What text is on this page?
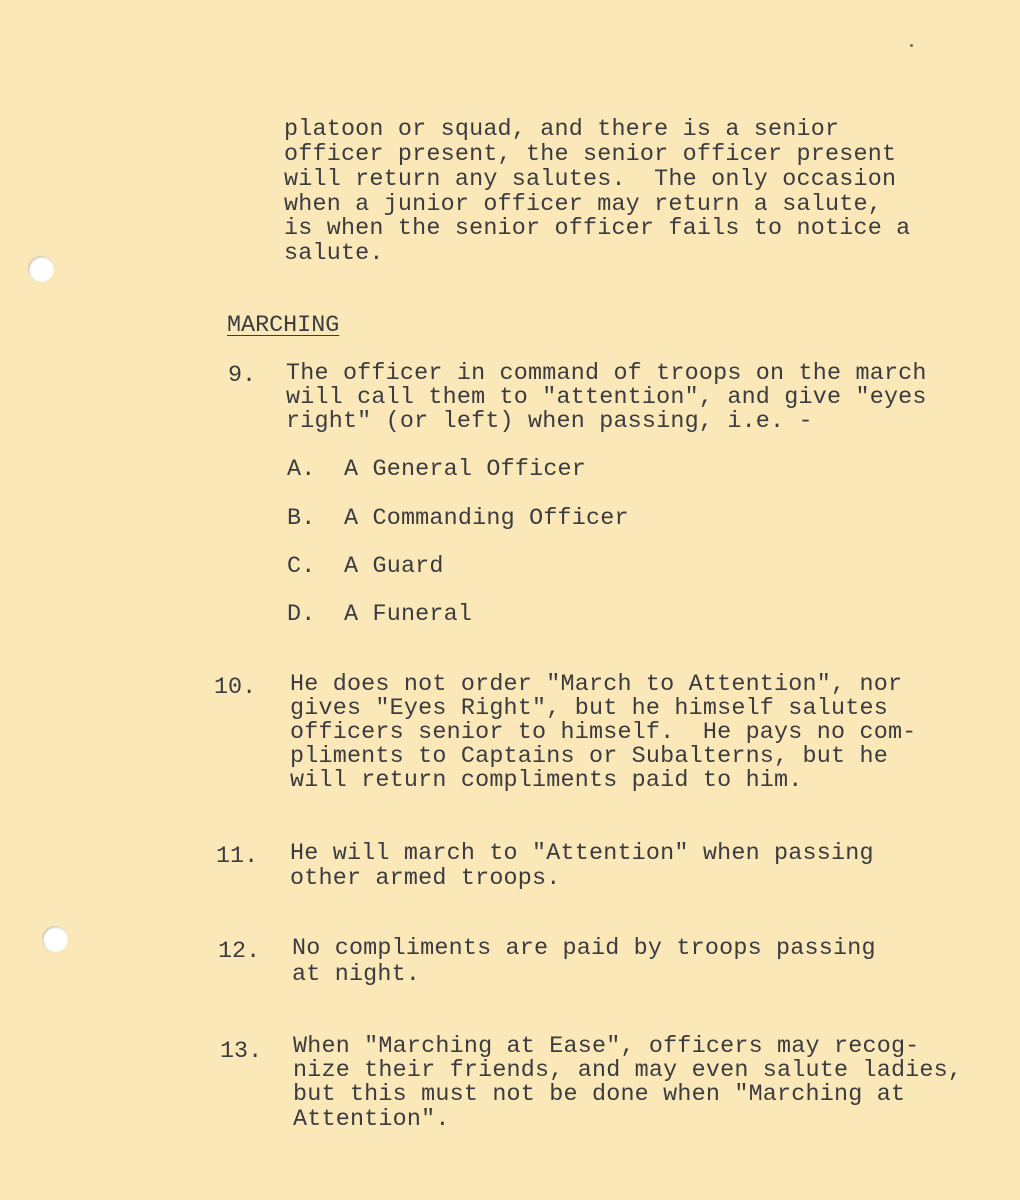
platoon or squad, and there is a senior
officer present, the senior officer present
will return any salutes.  The only occasion
when a junior officer may return a salute,
is when the senior officer fails to notice a
salute.
MARCHING
9. The officer in command of troops on the march
will call them to "attention", and give "eyes
right" (or left) when passing, i.e. -
A. A General Officer
B. A Commanding Officer
C. A Guard
D. A Funeral
10. He does not order "March to Attention", nor
gives "Eyes Right", but he himself salutes
officers senior to himself.  He pays no com-
pliments to Captains or Subalterns, but he
will return compliments paid to him.
11. He will march to "Attention" when passing
other armed troops.
12. No compliments are paid by troops passing
at night.
13. When "Marching at Ease", officers may recog-
nize their friends, and may even salute ladies,
but this must not be done when "Marching at
Attention".
